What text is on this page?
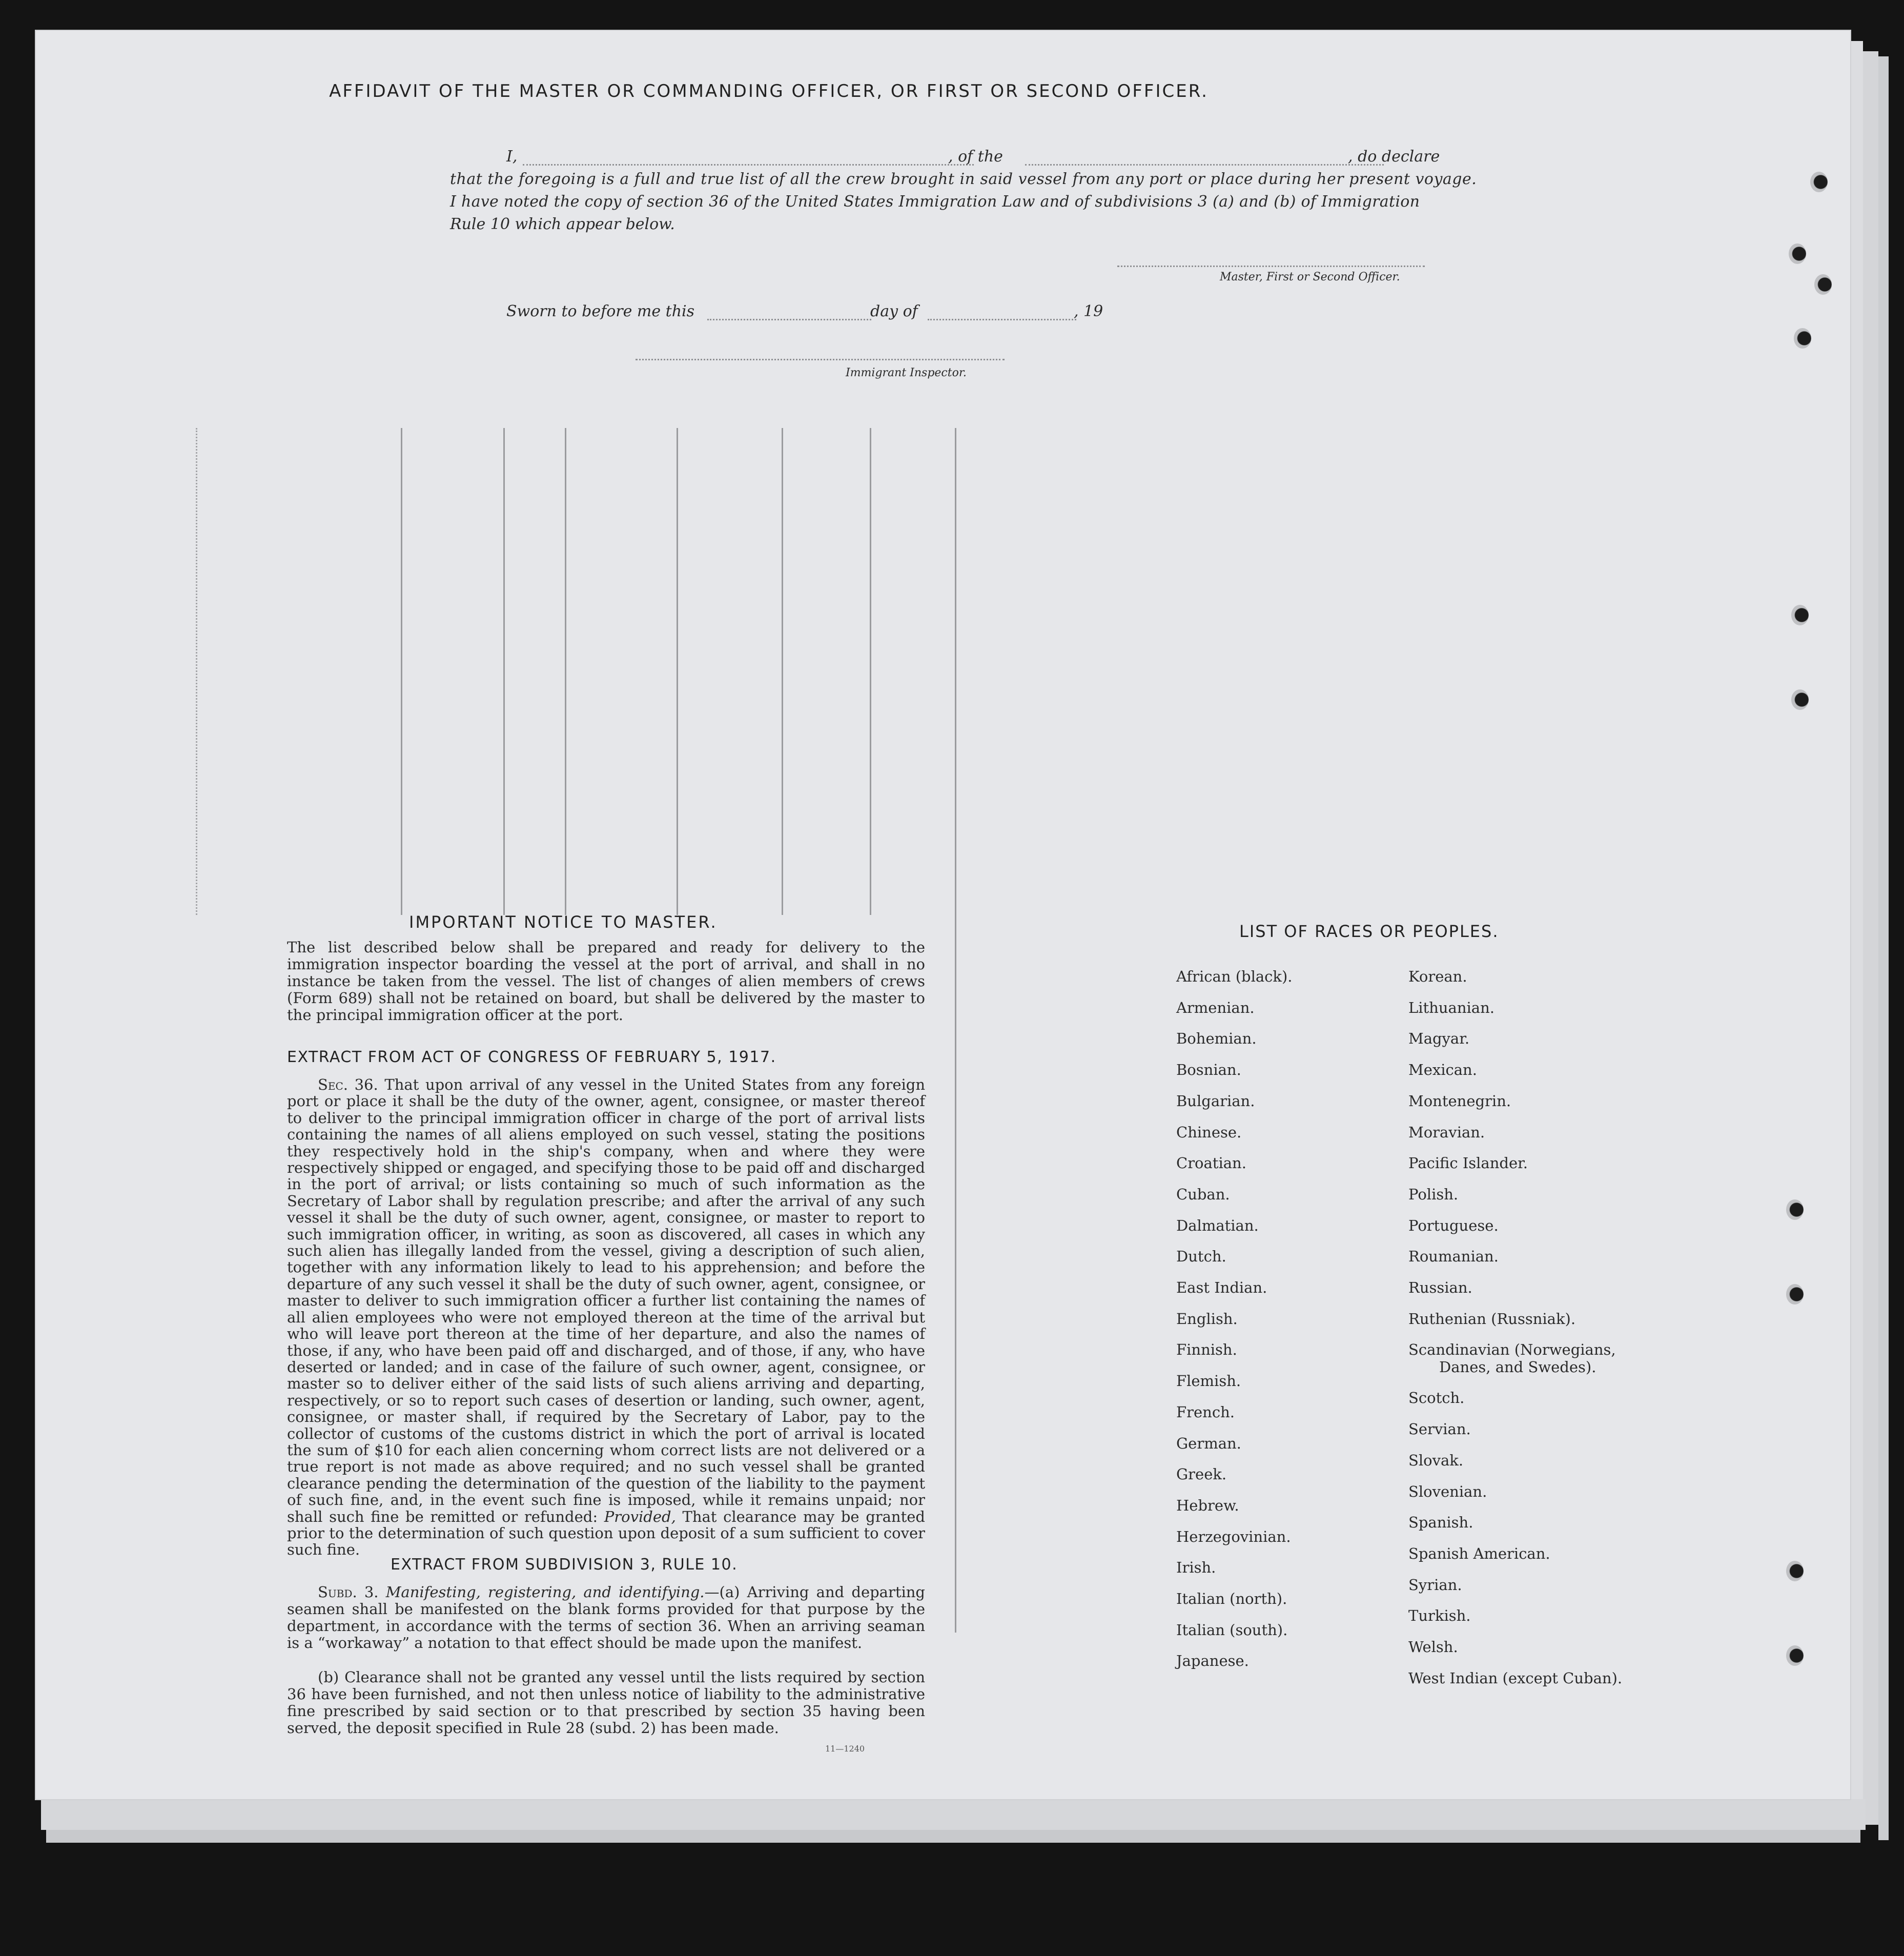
AFFIDAVIT OF THE MASTER OR COMMANDING OFFICER, OR FIRST OR SECOND OFFICER.
I,	, of the	, do declare
that the foregoing is a full and true list of all the crew brought in said vessel from any port or place during her present voyage.
I have noted the copy of section 36 of the United States Immigration Law and of subdivisions 3 (a) and (b) of Immigration
Rule 10 which appear below.
Master, First or Second Officer.
Sworn to before me this	day of	, 19
Immigrant Inspector.
IMPORTANT NOTICE TO MASTER.
The list described below shall be prepared and ready for delivery to the immigration inspector boarding the vessel at the port of arrival, and shall in no instance be taken from the vessel. The list of changes of alien members of crews (Form 689) shall not be retained on board, but shall be delivered by the master to the principal immigration officer at the port.
EXTRACT FROM ACT OF CONGRESS OF FEBRUARY 5, 1917.
Sec. 36. That upon arrival of any vessel in the United States from any foreign port or place it shall be the duty of the owner, agent, consignee, or master thereof to deliver to the principal immigration officer in charge of the port of arrival lists containing the names of all aliens employed on such vessel, stating the positions they respectively hold in the ship's company, when and where they were respectively shipped or engaged, and specifying those to be paid off and discharged in the port of arrival; or lists containing so much of such information as the Secretary of Labor shall by regulation prescribe; and after the arrival of any such vessel it shall be the duty of such owner, agent, consignee, or master to report to such immigration officer, in writing, as soon as discovered, all cases in which any such alien has illegally landed from the vessel, giving a description of such alien, together with any information likely to lead to his apprehension; and before the departure of any such vessel it shall be the duty of such owner, agent, consignee, or master to deliver to such immigration officer a further list containing the names of all alien employees who were not employed thereon at the time of the arrival but who will leave port thereon at the time of her departure, and also the names of those, if any, who have been paid off and discharged, and of those, if any, who have deserted or landed; and in case of the failure of such owner, agent, consignee, or master so to deliver either of the said lists of such aliens arriving and departing, respectively, or so to report such cases of desertion or landing, such owner, agent, consignee, or master shall, if required by the Secretary of Labor, pay to the collector of customs of the customs district in which the port of arrival is located the sum of $10 for each alien concerning whom correct lists are not delivered or a true report is not made as above required; and no such vessel shall be granted clearance pending the determination of the question of the liability to the payment of such fine, and, in the event such fine is imposed, while it remains unpaid; nor shall such fine be remitted or refunded: Provided, That clearance may be granted prior to the determination of such question upon deposit of a sum sufficient to cover such fine.
EXTRACT FROM SUBDIVISION 3, RULE 10.
Subd. 3. Manifesting, registering, and identifying.—(a) Arriving and departing seamen shall be manifested on the blank forms provided for that purpose by the department, in accordance with the terms of section 36. When an arriving seaman is a “workaway” a notation to that effect should be made upon the manifest.
(b) Clearance shall not be granted any vessel until the lists required by section 36 have been furnished, and not then unless notice of liability to the administrative fine prescribed by said section or to that prescribed by section 35 having been served, the deposit specified in Rule 28 (subd. 2) has been made.
11—1240
LIST OF RACES OR PEOPLES.
African (black).
Armenian.
Bohemian.
Bosnian.
Bulgarian.
Chinese.
Croatian.
Cuban.
Dalmatian.
Dutch.
East Indian.
English.
Finnish.
Flemish.
French.
German.
Greek.
Hebrew.
Herzegovinian.
Irish.
Italian (north).
Italian (south).
Japanese.
Korean.
Lithuanian.
Magyar.
Mexican.
Montenegrin.
Moravian.
Pacific Islander.
Polish.
Portuguese.
Roumanian.
Russian.
Ruthenian (Russniak).
Scandinavian (Norwegians,
Danes, and Swedes).
Scotch.
Servian.
Slovak.
Slovenian.
Spanish.
Spanish American.
Syrian.
Turkish.
Welsh.
West Indian (except Cuban).
